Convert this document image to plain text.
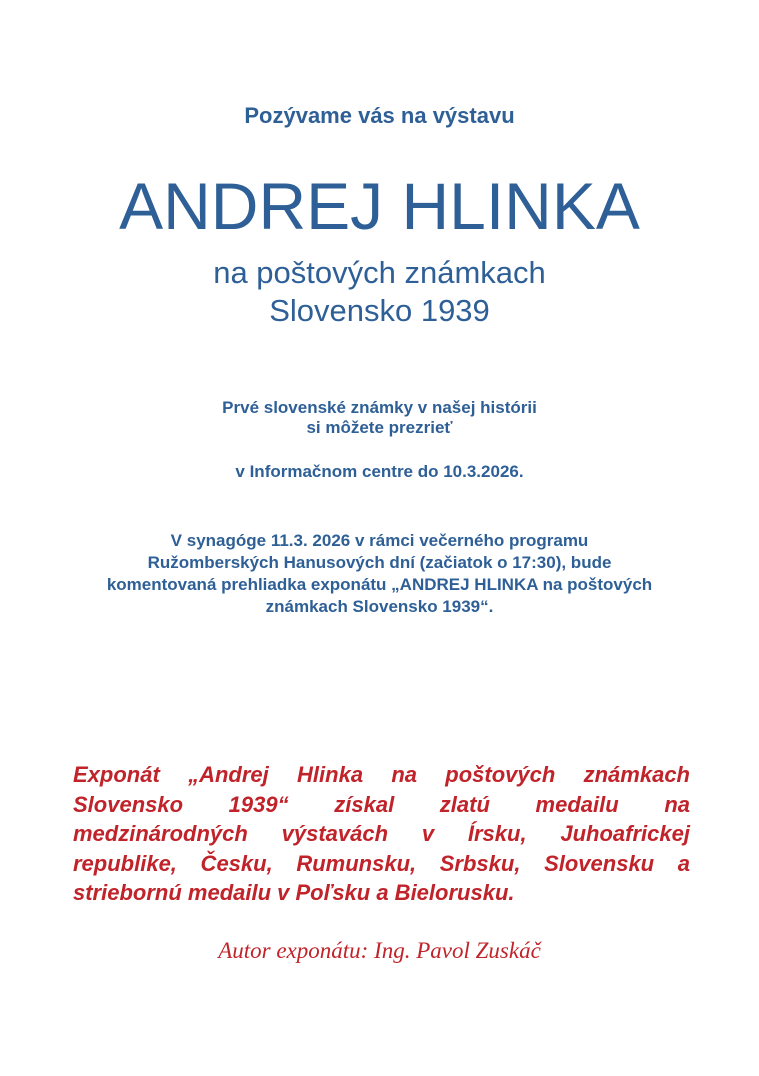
Pozývame vás na výstavu
ANDREJ HLINKA
na poštových známkach
Slovensko 1939
Prvé slovenské známky v našej histórii
si môžete prezrieť
v Informačnom centre do 10.3.2026.
V synagóge 11.3. 2026 v rámci večerného programu
Ružomberských Hanusových dní (začiatok o 17:30), bude
komentovaná prehliadka exponátu „ANDREJ HLINKA na poštových
známkach Slovensko 1939“.
Exponát „Andrej Hlinka na poštových známkach
Slovensko 1939“ získal zlatú medailu na
medzinárodných výstavách v Írsku, Juhoafrickej
republike, Česku, Rumunsku, Srbsku, Slovensku a
striebornú medailu v Poľsku a Bielorusku.
Autor exponátu: Ing. Pavol Zuskáč
